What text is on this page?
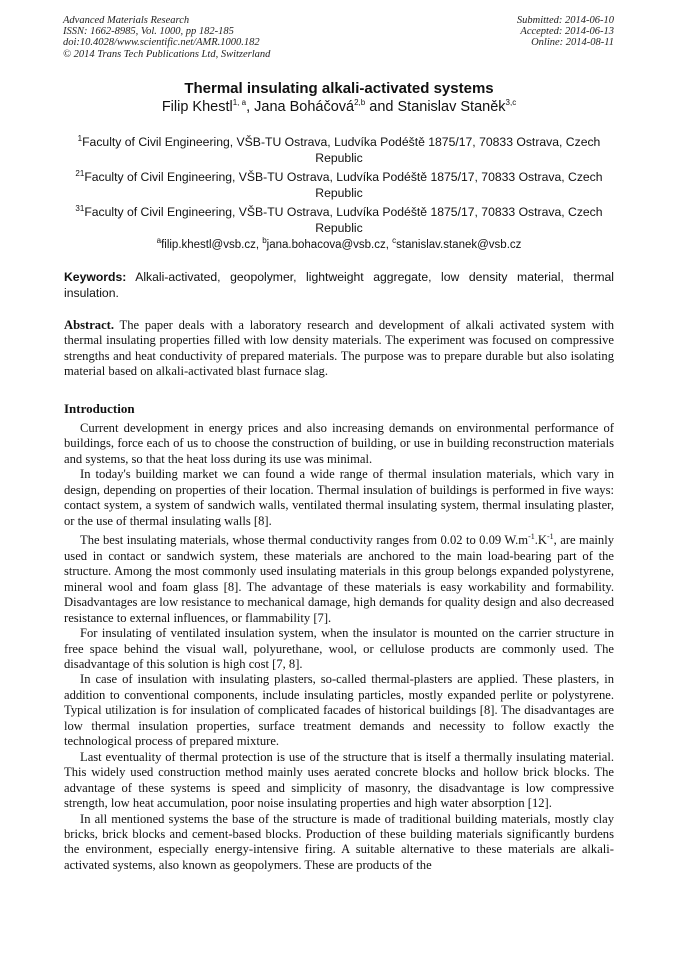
Advanced Materials Research
ISSN: 1662-8985, Vol. 1000, pp 182-185
doi:10.4028/www.scientific.net/AMR.1000.182
© 2014 Trans Tech Publications Ltd, Switzerland
Submitted: 2014-06-10
Accepted: 2014-06-13
Online: 2014-08-11
Thermal insulating alkali-activated systems
Filip Khestl$^{1, a}$, Jana Boháčová$^{2,b}$ and Stanislav Staněk$^{3,c}$
$^1$Faculty of Civil Engineering, VŠB-TU Ostrava, Ludvíka Podéště 1875/17, 70833 Ostrava, Czech Republic
$^{21}$Faculty of Civil Engineering, VŠB-TU Ostrava, Ludvíka Podéště 1875/17, 70833 Ostrava, Czech Republic
$^{31}$Faculty of Civil Engineering, VŠB-TU Ostrava, Ludvíka Podéště 1875/17, 70833 Ostrava, Czech Republic
$^a$filip.khestl@vsb.cz, $^b$jana.bohacova@vsb.cz, $^c$stanislav.stanek@vsb.cz
Keywords: Alkali-activated, geopolymer, lightweight aggregate, low density material, thermal insulation.
Abstract. The paper deals with a laboratory research and development of alkali activated system with thermal insulating properties filled with low density materials. The experiment was focused on compressive strengths and heat conductivity of prepared materials. The purpose was to prepare durable but also isolating material based on alkali-activated blast furnace slag.
Introduction

Current development in energy prices and also increasing demands on environmental performance of buildings, force each of us to choose the construction of building, or use in building reconstruction materials and systems, so that the heat loss during its use was minimal.

In today's building market we can found a wide range of thermal insulation materials, which vary in design, depending on properties of their location. Thermal insulation of buildings is performed in five ways: contact system, a system of sandwich walls, ventilated thermal insulating system, thermal insulating plaster, or the use of thermal insulating walls [8].

The best insulating materials, whose thermal conductivity ranges from 0.02 to 0.09 $W.m^{-1}.K^{-1}$, are mainly used in contact or sandwich system, these materials are anchored to the main load-bearing part of the structure. Among the most commonly used insulating materials in this group belongs expanded polystyrene, mineral wool and foam glass [8]. The advantage of these materials is easy workability and formability. Disadvantages are low resistance to mechanical damage, high demands for quality design and also decreased resistance to external influences, or flammability [7].

For insulating of ventilated insulation system, when the insulator is mounted on the carrier structure in free space behind the visual wall, polyurethane, wool, or cellulose products are commonly used. The disadvantage of this solution is high cost [7, 8].

In case of insulation with insulating plasters, so-called thermal-plasters are applied. These plasters, in addition to conventional components, include insulating particles, mostly expanded perlite or polystyrene. Typical utilization is for insulation of complicated facades of historical buildings [8]. The disadvantages are low thermal insulation properties, surface treatment demands and necessity to follow exactly the technological process of prepared mixture.

Last eventuality of thermal protection is use of the structure that is itself a thermally insulating material. This widely used construction method mainly uses aerated concrete blocks and hollow brick blocks. The advantage of these systems is speed and simplicity of masonry, the disadvantage is low compressive strength, low heat accumulation, poor noise insulating properties and high water absorption [12].

In all mentioned systems the base of the structure is made of traditional building materials, mostly clay bricks, brick blocks and cement-based blocks. Production of these building materials significantly burdens the environment, especially energy-intensive firing. A suitable alternative to these materials are alkali-activated systems, also known as geopolymers. These are products of the
